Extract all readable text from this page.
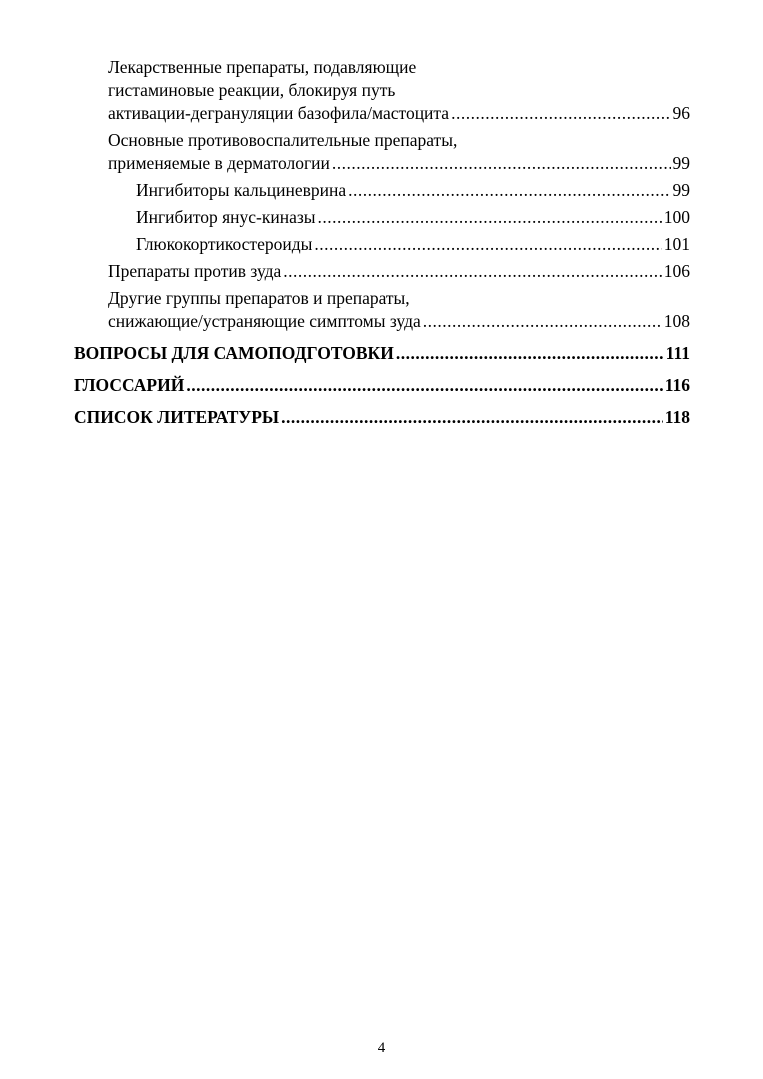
Лекарственные препараты, подавляющие
гистаминовые реакции, блокируя путь
активации-дегрануляции базофила/мастоцита .....	96
Основные противовоспалительные препараты,
применяемые в дерматологии .....	99
Ингибиторы кальциневрина .....	99
Ингибитор янус-киназы .....	100
Глюкокортикостероиды .....	101
Препараты против зуда .....	106
Другие группы препаратов и препараты,
снижающие/устраняющие симптомы зуда .....	108
ВОПРОСЫ ДЛЯ САМОПОДГОТОВКИ .....	111
ГЛОССАРИЙ .....	116
СПИСОК ЛИТЕРАТУРЫ .....	118
4
